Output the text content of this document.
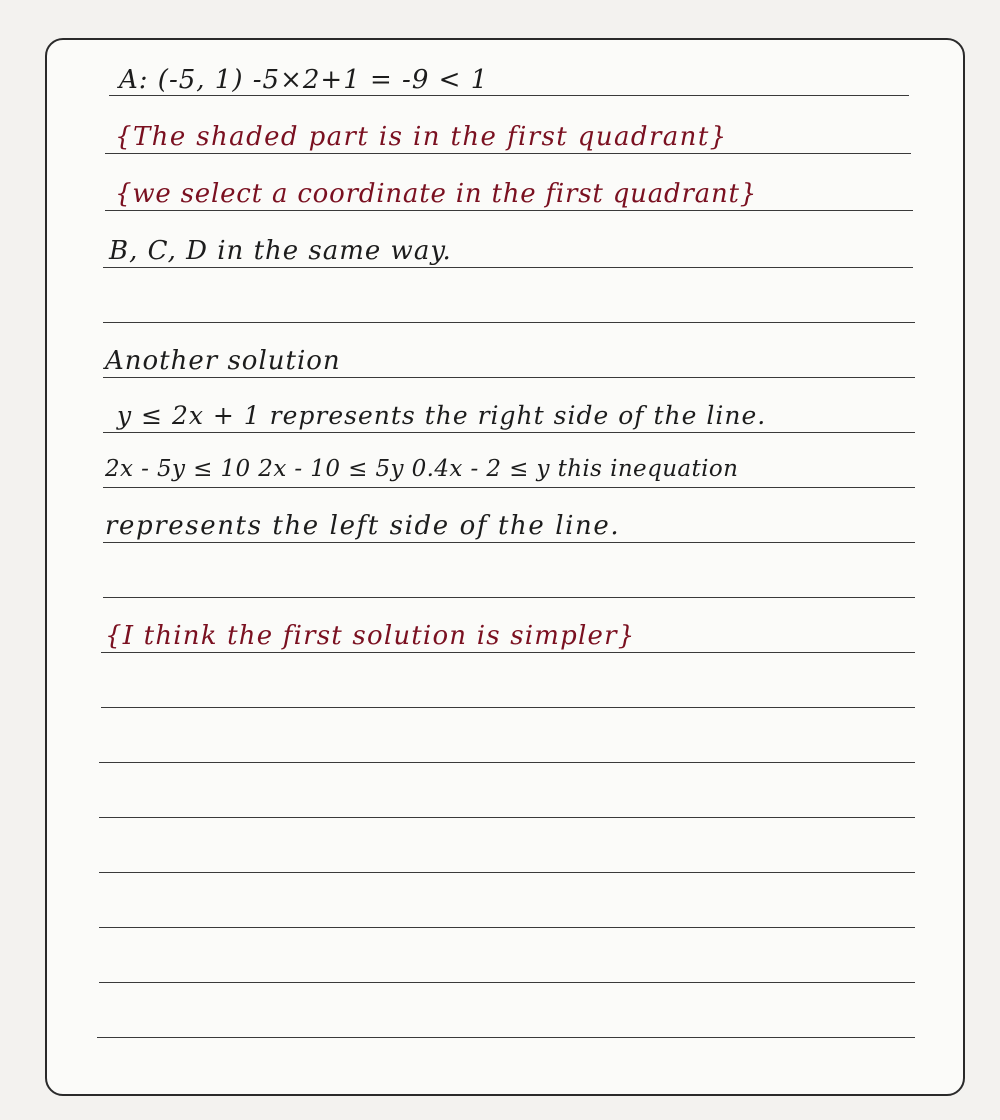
A: (-5, 1) -5×2+1 = -9 < 1
{The shaded part is in the first quadrant}
{we select a coordinate in the first quadrant}
B, C, D in the same way.
Another solution
y ≤ 2x + 1 represents the right side of the line.
2x - 5y ≤ 10 2x - 10 ≤ 5y 0.4x - 2 ≤ y this inequation
represents the left side of the line.
{I think the first solution is simpler}
